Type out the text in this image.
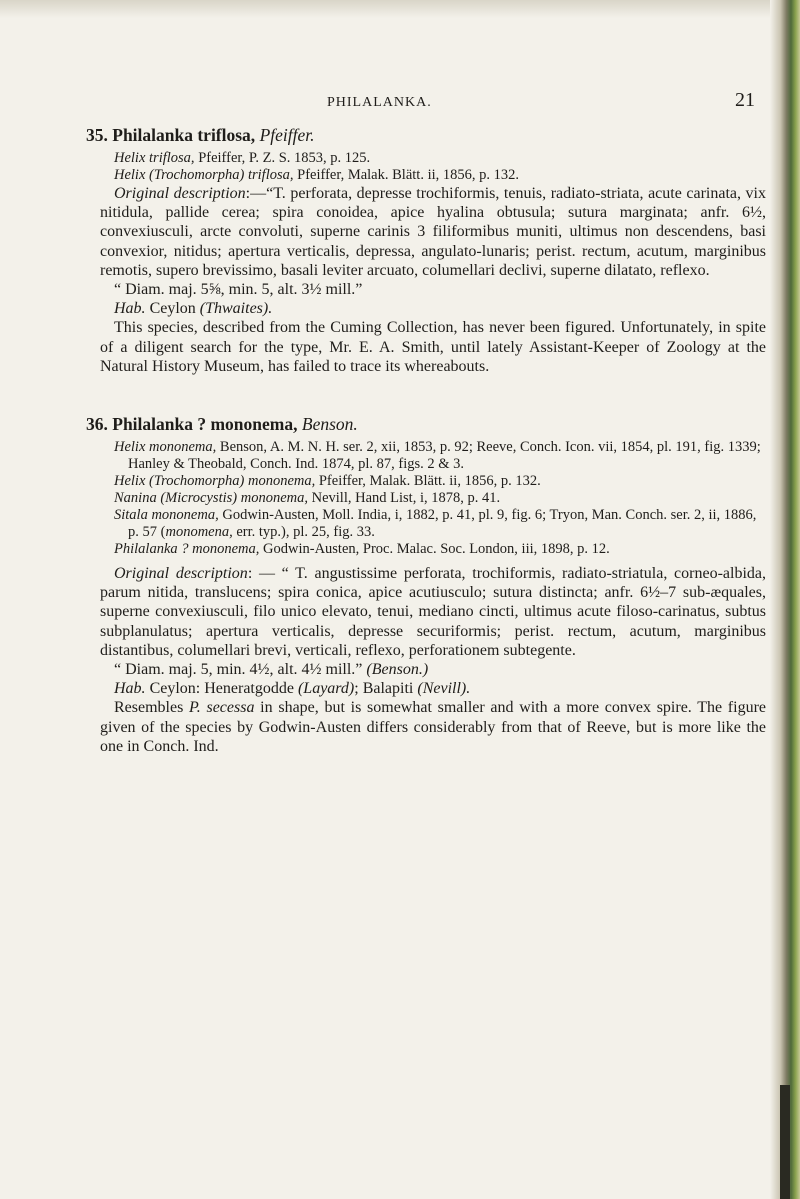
PHILALANKA.	21

35. Philalanka triflosa, Pfeiffer.

Helix triflosa, Pfeiffer, P. Z. S. 1853, p. 125.

Helix (Trochomorpha) triflosa, Pfeiffer, Malak. Blätt. ii, 1856, p. 132.

Original description:—“T. perforata, depresse trochiformis, tenuis, radiato-striata, acute carinata, vix nitidula, pallide cerea; spira conoidea, apice hyalina obtusula; sutura marginata; anfr. 6½, convexiusculi, arcte convoluti, superne carinis 3 filiformibus muniti, ultimus non descendens, basi convexior, nitidus; apertura verticalis, depressa, angulato-lunaris; perist. rectum, acutum, marginibus remotis, supero brevissimo, basali leviter arcuato, columellari declivi, superne dilatato, reflexo.

“ Diam. maj. 5⅝, min. 5, alt. 3½ mill.”

Hab. Ceylon (Thwaites).

This species, described from the Cuming Collection, has never been figured. Unfortunately, in spite of a diligent search for the type, Mr. E. A. Smith, until lately Assistant-Keeper of Zoology at the Natural History Museum, has failed to trace its whereabouts.

36. Philalanka ? mononema, Benson.

Helix mononema, Benson, A. M. N. H. ser. 2, xii, 1853, p. 92; Reeve, Conch. Icon. vii, 1854, pl. 191, fig. 1339; Hanley & Theobald, Conch. Ind. 1874, pl. 87, figs. 2 & 3.

Helix (Trochomorpha) mononema, Pfeiffer, Malak. Blätt. ii, 1856, p. 132.

Nanina (Microcystis) mononema, Nevill, Hand List, i, 1878, p. 41.

Sitala mononema, Godwin-Austen, Moll. India, i, 1882, p. 41, pl. 9, fig. 6; Tryon, Man. Conch. ser. 2, ii, 1886, p. 57 (monomena, err. typ.), pl. 25, fig. 33.

Philalanka ? mononema, Godwin-Austen, Proc. Malac. Soc. London, iii, 1898, p. 12.

Original description: — “ T. angustissime perforata, trochiformis, radiato-striatula, corneo-albida, parum nitida, translucens; spira conica, apice acutiusculo; sutura distincta; anfr. 6½–7 sub-æquales, superne convexiusculi, filo unico elevato, tenui, mediano cincti, ultimus acute filoso-carinatus, subtus subplanulatus; apertura verticalis, depresse securiformis; perist. rectum, acutum, marginibus distantibus, columellari brevi, verticali, reflexo, perforationem subtegente.

“ Diam. maj. 5, min. 4½, alt. 4½ mill.” (Benson.)

Hab. Ceylon: Heneratgodde (Layard); Balapiti (Nevill).

Resembles P. secessa in shape, but is somewhat smaller and with a more convex spire. The figure given of the species by Godwin-Austen differs considerably from that of Reeve, but is more like the one in Conch. Ind.
